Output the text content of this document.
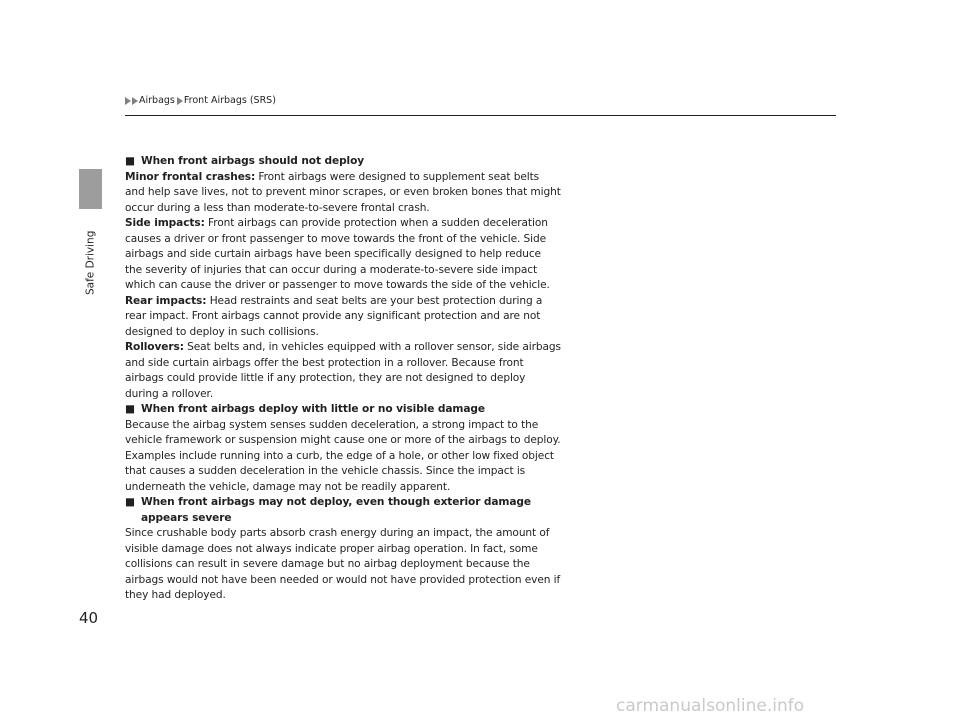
Safe Driving
Airbags Front Airbags (SRS)
■ When front airbags should not deploy

Minor frontal crashes: Front airbags were designed to supplement seat belts and help save lives, not to prevent minor scrapes, or even broken bones that might occur during a less than moderate-to-severe frontal crash.

Side impacts: Front airbags can provide protection when a sudden deceleration causes a driver or front passenger to move towards the front of the vehicle. Side airbags and side curtain airbags have been specifically designed to help reduce the severity of injuries that can occur during a moderate-to-severe side impact which can cause the driver or passenger to move towards the side of the vehicle.

Rear impacts: Head restraints and seat belts are your best protection during a rear impact. Front airbags cannot provide any significant protection and are not designed to deploy in such collisions.

Rollovers: Seat belts and, in vehicles equipped with a rollover sensor, side airbags and side curtain airbags offer the best protection in a rollover. Because front airbags could provide little if any protection, they are not designed to deploy during a rollover.

■ When front airbags deploy with little or no visible damage

Because the airbag system senses sudden deceleration, a strong impact to the vehicle framework or suspension might cause one or more of the airbags to deploy. Examples include running into a curb, the edge of a hole, or other low fixed object that causes a sudden deceleration in the vehicle chassis. Since the impact is underneath the vehicle, damage may not be readily apparent.

■ When front airbags may not deploy, even though exterior damage appears severe

Since crushable body parts absorb crash energy during an impact, the amount of visible damage does not always indicate proper airbag operation. In fact, some collisions can result in severe damage but no airbag deployment because the airbags would not have been needed or would not have provided protection even if they had deployed.

40
carmanualsonline.info
